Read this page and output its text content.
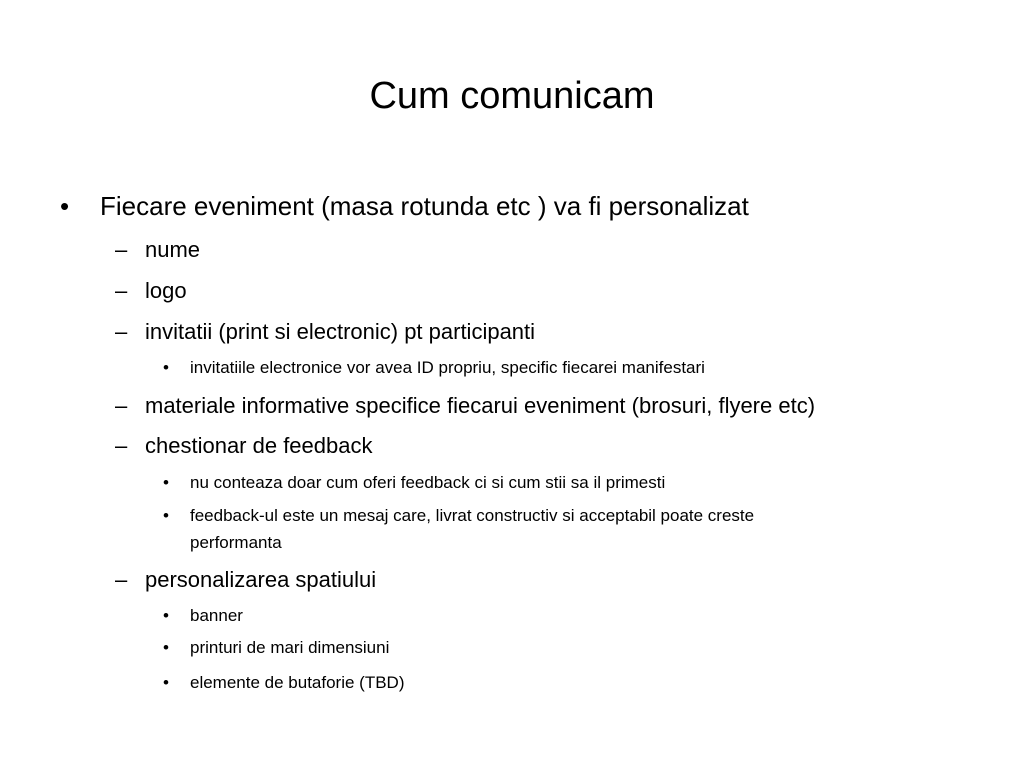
Cum comunicam
• Fiecare eveniment (masa rotunda etc ) va fi personalizat
– nume
– logo
– invitatii (print si electronic) pt participanti
• invitatiile electronice vor avea ID propriu, specific fiecarei manifestari
– materiale informative specifice fiecarui eveniment (brosuri, flyere etc)
– chestionar de feedback
• nu conteaza doar cum oferi feedback ci si cum stii sa il primesti
• feedback-ul este un mesaj care, livrat constructiv si acceptabil poate creste
performanta
– personalizarea spatiului
• banner
• printuri de mari dimensiuni
• elemente de butaforie (TBD)
